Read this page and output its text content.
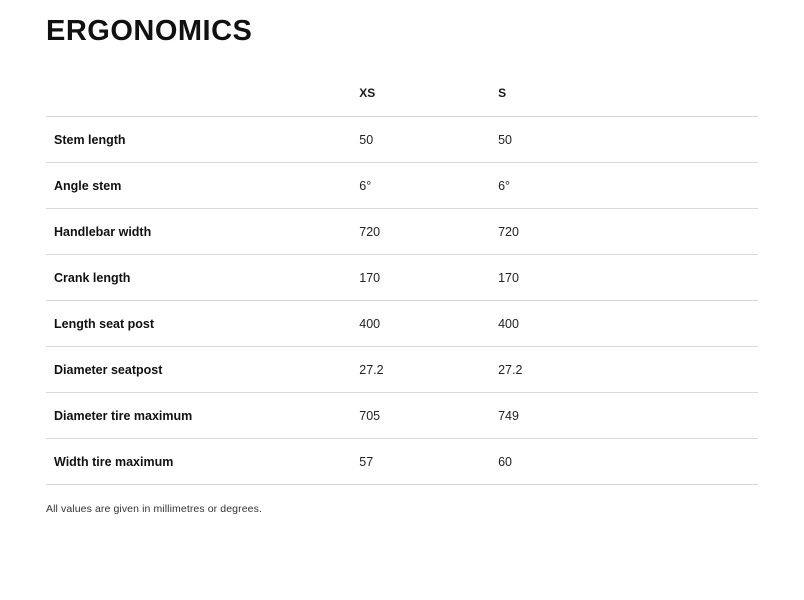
ERGONOMICS
	XS	S	
Stem length	50	50	
Angle stem	6°	6°	
Handlebar width	720	720	
Crank length	170	170	
Length seat post	400	400	
Diameter seatpost	27.2	27.2	
Diameter tire maximum	705	749	
Width tire maximum	57	60	
All values are given in millimetres or degrees.
